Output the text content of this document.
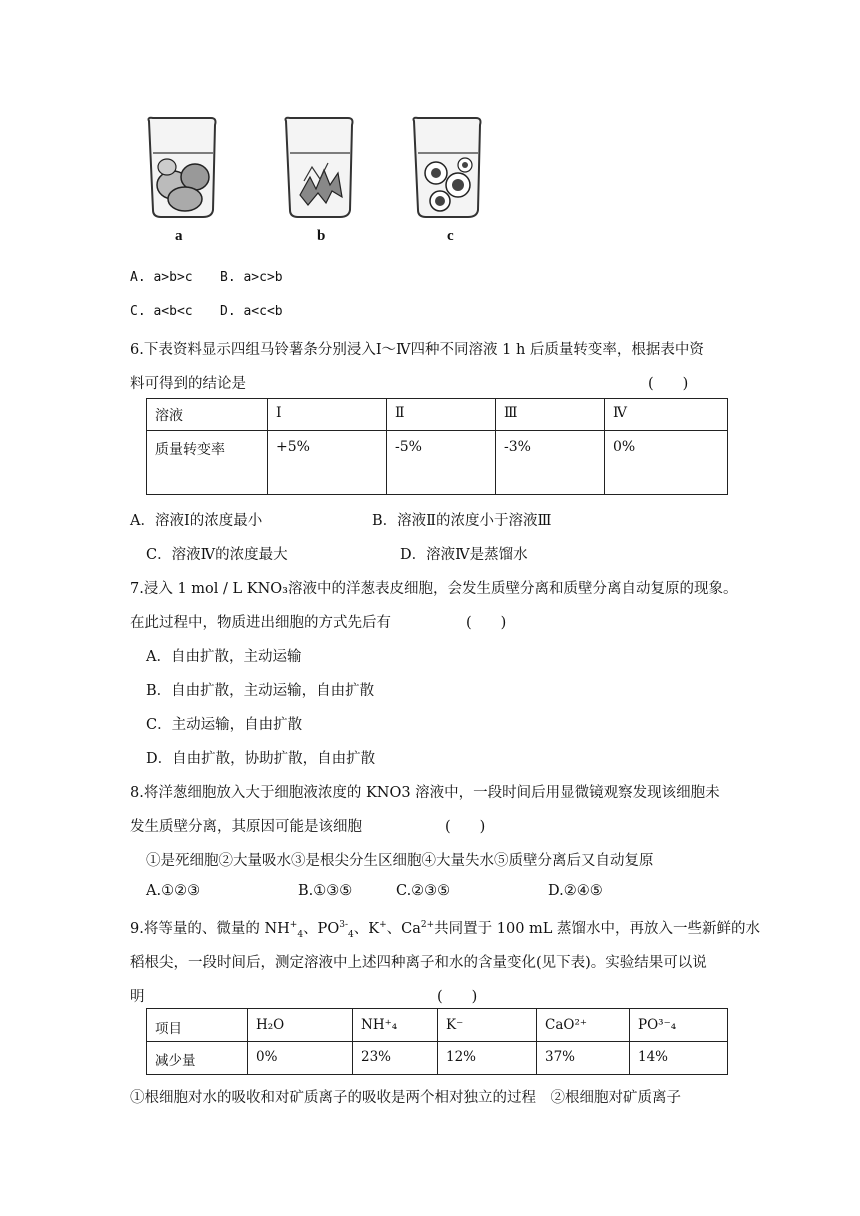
a	b	c
A. a>b>c B. a>c>b
C. a<b<c D. a<c<b
6.下表资料显示四组马铃薯条分别浸入Ⅰ～Ⅳ四种不同溶液 1 h 后质量转变率，根据表中资
料可得到的结论是	(　　)
溶液	Ⅰ	Ⅱ	Ⅲ	Ⅳ
质量转变率	+5%	-5%	-3%	0%
A．溶液Ⅰ的浓度最小	B．溶液Ⅱ的浓度小于溶液Ⅲ
C．溶液Ⅳ的浓度最大	D．溶液Ⅳ是蒸馏水
7.浸入 1 mol / L KNO₃溶液中的洋葱表皮细胞，会发生质壁分离和质壁分离自动复原的现象。
在此过程中，物质进出细胞的方式先后有	(　　)
A．自由扩散，主动运输
B．自由扩散，主动运输，自由扩散
C．主动运输，自由扩散
D．自由扩散，协助扩散，自由扩散
8.将洋葱细胞放入大于细胞液浓度的 KNO3 溶液中，一段时间后用显微镜观察发现该细胞未
发生质壁分离，其原因可能是该细胞	(　　)
①是死细胞②大量吸水③是根尖分生区细胞④大量失水⑤质壁分离后又自动复原
A.①②③	B.①③⑤	C.②③⑤	D.②④⑤
9.将等量的、微量的 $NH^+_4$、$PO^{3-}_4$、K+、$Ca^{2+}$共同置于 100 mL 蒸馏水中，再放入一些新鲜的水
稻根尖，一段时间后，测定溶液中上述四种离子和水的含量变化(见下表)。实验结果可以说
明	(　　)
项目	H₂O	NH⁺₄	K⁻	CaO²⁺	PO³⁻₄
减少量	0%	23%	12%	37%	14%
①根细胞对水的吸收和对矿质离子的吸收是两个相对独立的过程　②根细胞对矿质离子
